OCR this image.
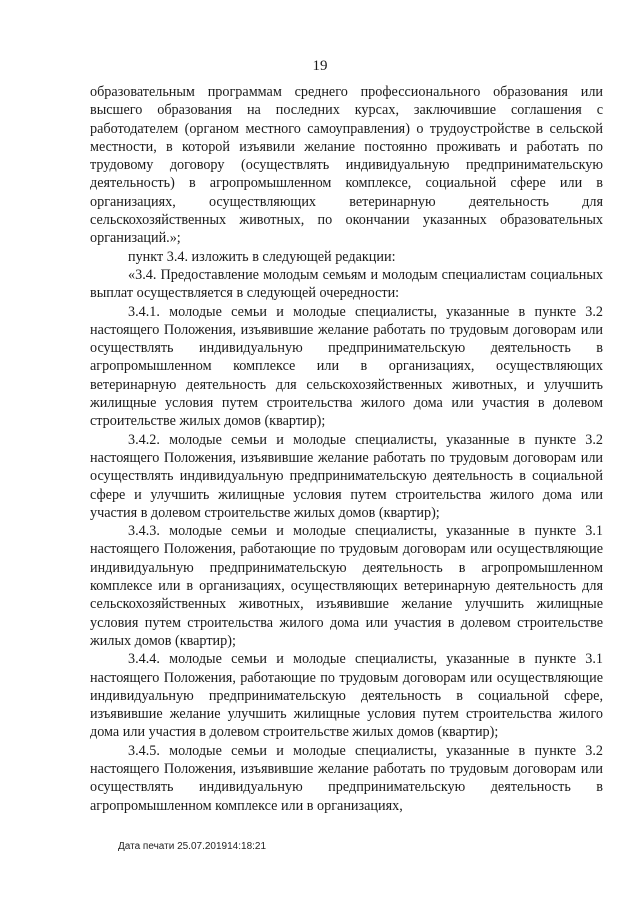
19

образовательным программам среднего профессионального образования или высшего образования на последних курсах, заключившие соглашения с работодателем (органом местного самоуправления) о трудоустройстве в сельской местности, в которой изъявили желание постоянно проживать и работать по трудовому договору (осуществлять индивидуальную предпринимательскую деятельность) в агропромышленном комплексе, социальной сфере или в организациях, осуществляющих ветеринарную деятельность для сельскохозяйственных животных, по окончании указанных образовательных организаций.»;

пункт 3.4. изложить в следующей редакции:

«3.4. Предоставление молодым семьям и молодым специалистам социальных выплат осуществляется в следующей очередности:

3.4.1. молодые семьи и молодые специалисты, указанные в пункте 3.2 настоящего Положения, изъявившие желание работать по трудовым договорам или осуществлять индивидуальную предпринимательскую деятельность в агропромышленном комплексе или в организациях, осуществляющих ветеринарную деятельность для сельскохозяйственных животных, и улучшить жилищные условия путем строительства жилого дома или участия в долевом строительстве жилых домов (квартир);

3.4.2. молодые семьи и молодые специалисты, указанные в пункте 3.2 настоящего Положения, изъявившие желание работать по трудовым договорам или осуществлять индивидуальную предпринимательскую деятельность в социальной сфере и улучшить жилищные условия путем строительства жилого дома или участия в долевом строительстве жилых домов (квартир);

3.4.3. молодые семьи и молодые специалисты, указанные в пункте 3.1 настоящего Положения, работающие по трудовым договорам или осуществляющие индивидуальную предпринимательскую деятельность в агропромышленном комплексе или в организациях, осуществляющих ветеринарную деятельность для сельскохозяйственных животных, изъявившие желание улучшить жилищные условия путем строительства жилого дома или участия в долевом строительстве жилых домов (квартир);

3.4.4. молодые семьи и молодые специалисты, указанные в пункте 3.1 настоящего Положения, работающие по трудовым договорам или осуществляющие индивидуальную предпринимательскую деятельность в социальной сфере, изъявившие желание улучшить жилищные условия путем строительства жилого дома или участия в долевом строительстве жилых домов (квартир);

3.4.5. молодые семьи и молодые специалисты, указанные в пункте 3.2 настоящего Положения, изъявившие желание работать по трудовым договорам или осуществлять индивидуальную предпринимательскую деятельность в агропромышленном комплексе или в организациях,

Дата печати 25.07.201914:18:21
